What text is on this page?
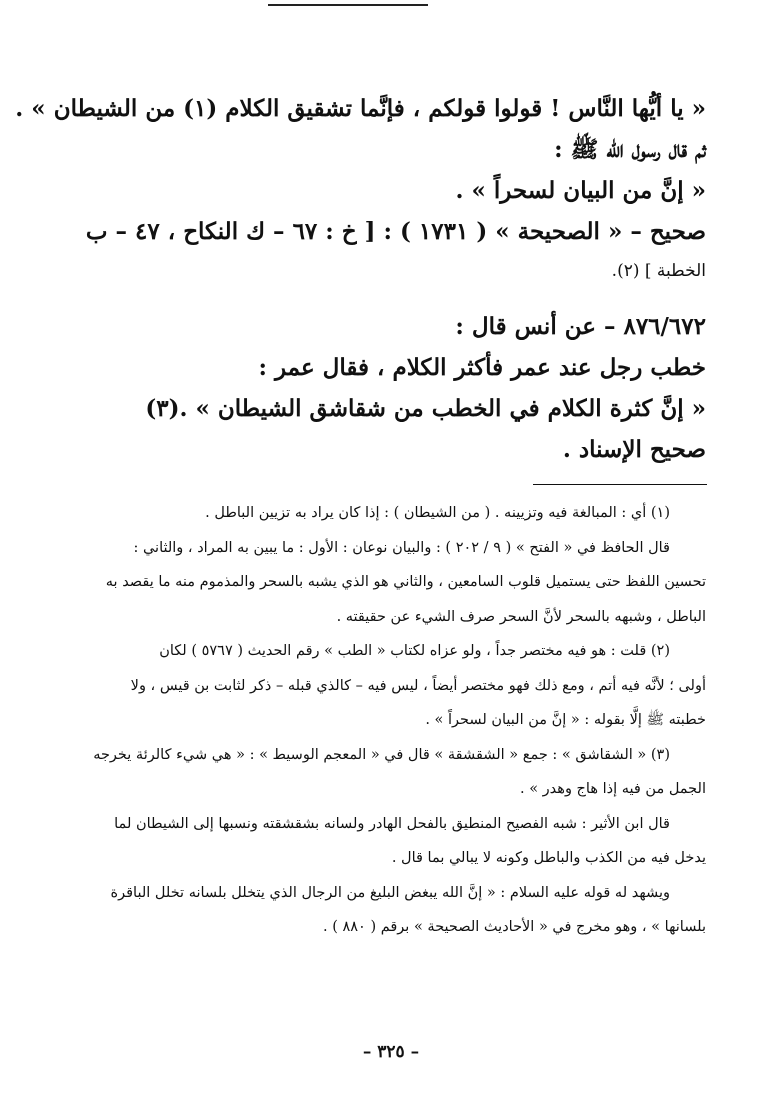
« يا أيُّها النَّاس ! قولوا قولكم ، فإنَّما تشقيق الكلام (١) من الشيطان » .
ثم قال رسول الله ﷺ :
« إنَّ من البيان لسحراً » .
صحيح – « الصحيحة » ( ١٧٣١ ) : [ خ : ٦٧ – ك النكاح ، ٤٧ – ب
الخطبة ] (٢).
٨٧٦/٦٧٢ – عن أنس قال :
خطب رجل عند عمر فأكثر الكلام ، فقال عمر :
« إنَّ كثرة الكلام في الخطب من شقاشق الشيطان » .(٣)
صحيح الإسناد .
(١) أي : المبالغة فيه وتزيينه . ( من الشيطان ) : إذا كان يراد به تزيين الباطل .
قال الحافظ في « الفتح » ( ٩ / ٢٠٢ ) : والبيان نوعان : الأول : ما يبين به المراد ، والثاني :
تحسين اللفظ حتى يستميل قلوب السامعين ، والثاني هو الذي يشبه بالسحر والمذموم منه ما يقصد به
الباطل ، وشبهه بالسحر لأنَّ السحر صرف الشيء عن حقيقته .
(٢) قلت : هو فيه مختصر جداً ، ولو عزاه لكتاب « الطب » رقم الحديث ( ٥٧٦٧ ) لكان
أولى ؛ لأنَّه فيه أتم ، ومع ذلك فهو مختصر أيضاً ، ليس فيه – كالذي قبله – ذكر لثابت بن قيس ، ولا
خطبته ﷺ إلَّا بقوله : « إنَّ من البيان لسحراً » .
(٣) « الشقاشق » : جمع « الشقشقة » قال في « المعجم الوسيط » : « هي شيء كالرئة يخرجه
الجمل من فيه إذا هاج وهدر » .
قال ابن الأثير : شبه الفصيح المنطيق بالفحل الهادر ولسانه بشقشقته ونسبها إلى الشيطان لما
يدخل فيه من الكذب والباطل وكونه لا يبالي بما قال .
ويشهد له قوله عليه السلام : « إنَّ الله يبغض البليغ من الرجال الذي يتخلل بلسانه تخلل الباقرة
بلسانها » ، وهو مخرج في « الأحاديث الصحيحة » برقم ( ٨٨٠ ) .
– ٣٢٥ –
